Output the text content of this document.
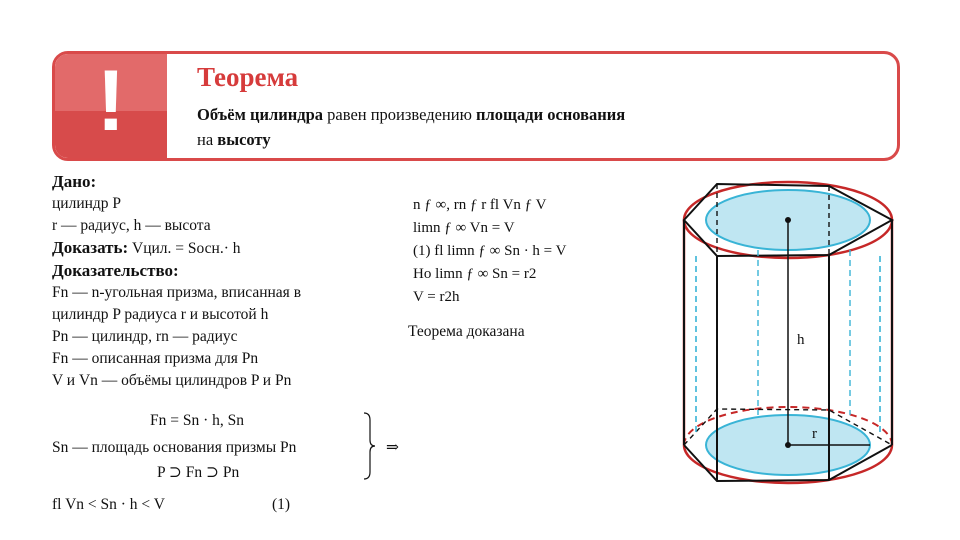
!	Теорема
Объём цилиндра равен произведению площади основания
на высоту
Дано:
цилиндр P
r — радиус, h — высота
Доказать: Vцил. = Sосн.· h
Доказательство:
Fn — n-угольная призма, вписанная в
цилиндр P радиуса r и высотой h
Pn — цилиндр, rn — радиус
Fn — описанная призма для Pn
V и Vn — объёмы цилиндров P и Pn
Fn = Sn · h, Sn
Sn — площадь основания призмы Pn
P ⊃ Fn ⊃ Pn
⇒
fl Vn < Sn · h < V	(1)
n ƒ ∞, rn ƒ r fl Vn ƒ V
limn ƒ ∞ Vn = V
(1) fl limn ƒ ∞ Sn · h = V
Но limn ƒ ∞ Sn = r2
V = r2h
Теорема доказана	h
r
